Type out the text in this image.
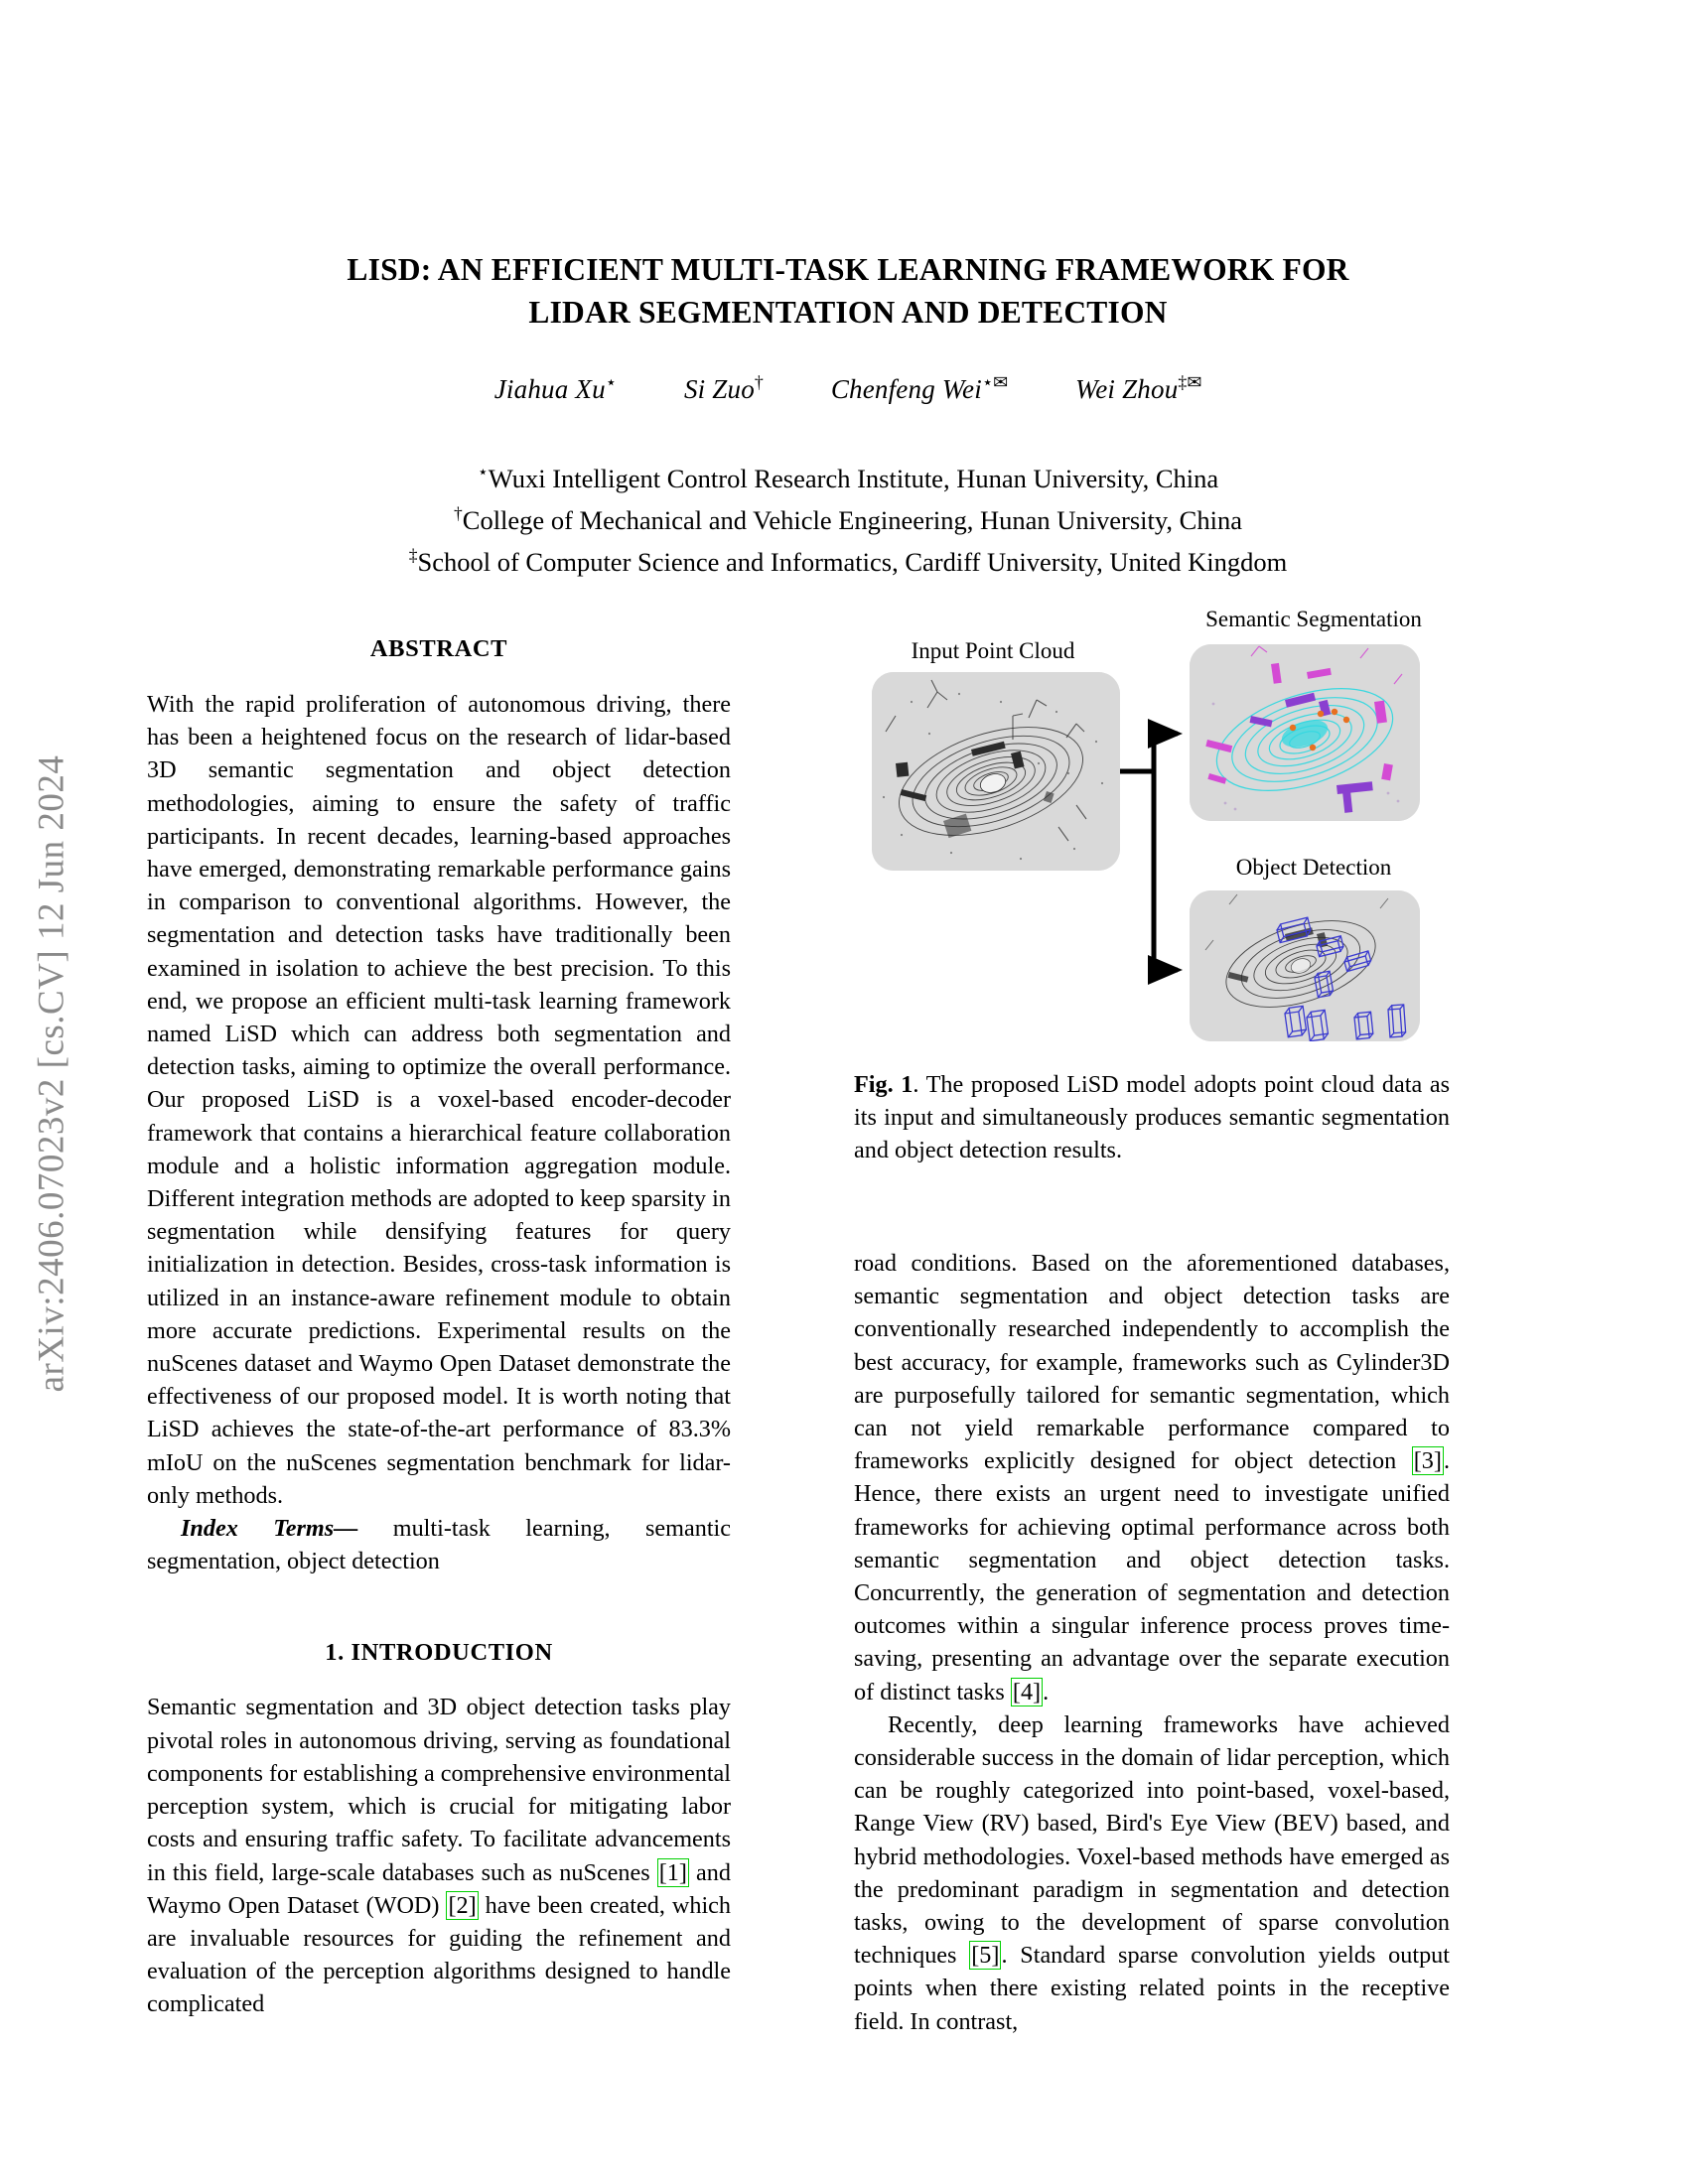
arXiv:2406.07023v2 [cs.CV] 12 Jun 2024
LISD: AN EFFICIENT MULTI-TASK LEARNING FRAMEWORK FOR LIDAR SEGMENTATION AND DETECTION
Jiahua Xu⋆	Si Zuo†	Chenfeng Wei⋆✉	Wei Zhou‡✉
⋆Wuxi Intelligent Control Research Institute, Hunan University, China
†College of Mechanical and Vehicle Engineering, Hunan University, China
‡School of Computer Science and Informatics, Cardiff University, United Kingdom
ABSTRACT

With the rapid proliferation of autonomous driving, there has been a heightened focus on the research of lidar-based 3D semantic segmentation and object detection methodologies, aiming to ensure the safety of traffic participants. In recent decades, learning-based approaches have emerged, demonstrating remarkable performance gains in comparison to conventional algorithms. However, the segmentation and detection tasks have traditionally been examined in isolation to achieve the best precision. To this end, we propose an efficient multi-task learning framework named LiSD which can address both segmentation and detection tasks, aiming to optimize the overall performance. Our proposed LiSD is a voxel-based encoder-decoder framework that contains a hierarchical feature collaboration module and a holistic information aggregation module. Different integration methods are adopted to keep sparsity in segmentation while densifying features for query initialization in detection. Besides, cross-task information is utilized in an instance-aware refinement module to obtain more accurate predictions. Experimental results on the nuScenes dataset and Waymo Open Dataset demonstrate the effectiveness of our proposed model. It is worth noting that LiSD achieves the state-of-the-art performance of 83.3% mIoU on the nuScenes segmentation benchmark for lidar-only methods.

Index Terms— multi-task learning, semantic segmentation, object detection

1. INTRODUCTION

Semantic segmentation and 3D object detection tasks play pivotal roles in autonomous driving, serving as foundational components for establishing a comprehensive environmental perception system, which is crucial for mitigating labor costs and ensuring traffic safety. To facilitate advancements in this field, large-scale databases such as nuScenes [1] and Waymo Open Dataset (WOD) [2] have been created, which are invaluable resources for guiding the refinement and evaluation of the perception algorithms designed to handle complicated

Input Point Cloud
Semantic Segmentation
Object Detection
Fig. 1. The proposed LiSD model adopts point cloud data as its input and simultaneously produces semantic segmentation and object detection results.

road conditions. Based on the aforementioned databases, semantic segmentation and object detection tasks are conventionally researched independently to accomplish the best accuracy, for example, frameworks such as Cylinder3D are purposefully tailored for semantic segmentation, which can not yield remarkable performance compared to frameworks explicitly designed for object detection [3]. Hence, there exists an urgent need to investigate unified frameworks for achieving optimal performance across both semantic segmentation and object detection tasks. Concurrently, the generation of segmentation and detection outcomes within a singular inference process proves time-saving, presenting an advantage over the separate execution of distinct tasks [4].

Recently, deep learning frameworks have achieved considerable success in the domain of lidar perception, which can be roughly categorized into point-based, voxel-based, Range View (RV) based, Bird's Eye View (BEV) based, and hybrid methodologies. Voxel-based methods have emerged as the predominant paradigm in segmentation and detection tasks, owing to the development of sparse convolution techniques [5]. Standard sparse convolution yields output points when there existing related points in the receptive field. In contrast,
